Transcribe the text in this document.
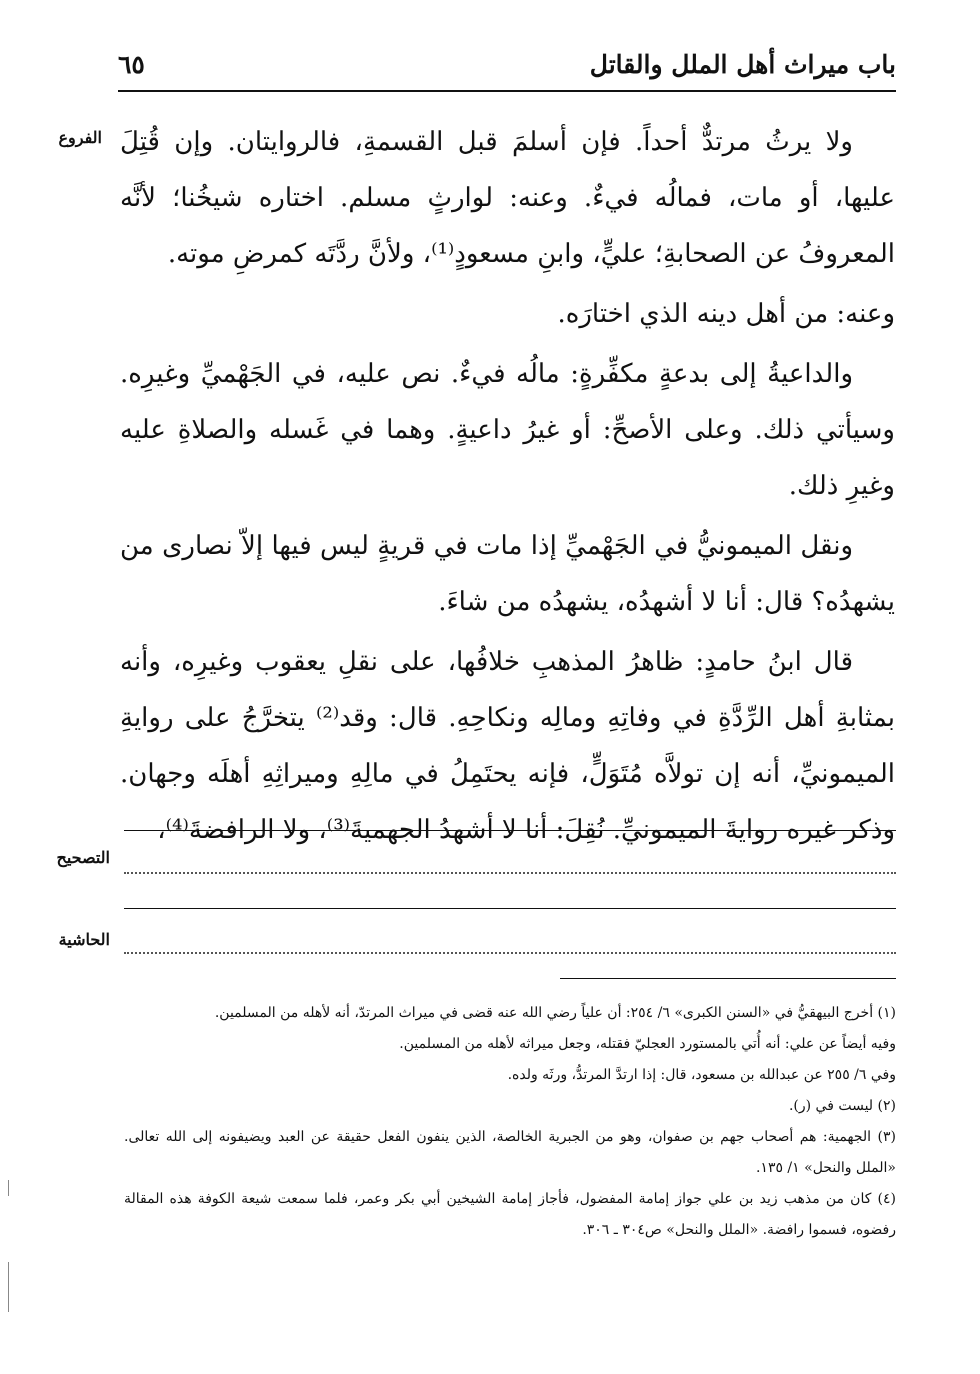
باب ميراث أهل الملل والقاتل
٦٥
الفروع ولا يرثُ مرتدٌّ أحداً. فإن أسلمَ قبل القسمةِ، فالروايتان. وإن قُتِلَ عليها، أو مات، فمالُه فيءٌ. وعنه: لوارثٍ مسلم. اختاره شيخُنا؛ لأنَّه المعروفُ عن الصحابةِ؛ عليٍّ، وابنِ مسعودٍ⁽¹⁾، ولأنَّ ردَّتَه كمرضِ موته.

وعنه: من أهل دينه الذي اختارَه.

والداعيةُ إلى بدعةٍ مكفِّرةٍ: مالُه فيءٌ. نص عليه، في الجَهْميِّ وغيرِه. وسيأتي ذلك. وعلى الأصحِّ: أو غيرُ داعيةٍ. وهما في غَسله والصلاةِ عليه وغيرِ ذلك.

ونقل الميمونيُّ في الجَهْميِّ إذا مات في قريةٍ ليس فيها إلاّ نصارى من يشهدُه؟ قال: أنا لا أشهدُه، يشهدُه من شاءَ.

قال ابنُ حامدٍ: ظاهرُ المذهبِ خلافُها، على نقلِ يعقوب وغيرِه، وأنه بمثابةِ أهل الرِّدَّةِ في وفاتِهِ ومالِه ونكاحِهِ. قال: وقد⁽²⁾ يتخرَّجُ على روايةِ الميمونيِّ، أنه إن تولاَّه مُتَوَلٍّ، فإنه يحتَمِلُ في مالِهِ وميراثِهِ أهلَه وجهان. وذكر غيره روايةَ الميمونيِّ. نُقِلَ: أنا لا أشهدُ الجهميةَ⁽³⁾، ولا الرافضةَ⁽⁴⁾،

التصحيح
الحاشية

(١) أخرج البيهقيُّ في «السنن الكبرى» ٦/ ٢٥٤: أن علياً رضي الله عنه قضى في ميراث المرتدّ، أنه لأهله من المسلمين.

وفيه أيضاً عن علي: أنه أُتي بالمستورد العجليّ فقتله، وجعل ميراثه لأهله من المسلمين.

وفي ٦/ ٢٥٥ عن عبدالله بن مسعود، قال: إذا ارتدَّ المرتدُّ، ورثَه ولده.

(٢) ليست في (ر).

(٣) الجهمية: هم أصحاب جهم بن صفوان، وهو من الجبرية الخالصة، الذين ينفون الفعل حقيقة عن العبد ويضيفونه إلى الله تعالى. «الملل والنحل» ١/ ١٣٥.

(٤) كان من مذهب زيد بن علي جواز إمامة المفضول، فأجاز إمامة الشيخين أبي بكر وعمر، فلما سمعت شيعة الكوفة هذه المقالة رفضوه، فسموا رافضة. «الملل والنحل» ص٣٠٤ ـ ٣٠٦.
